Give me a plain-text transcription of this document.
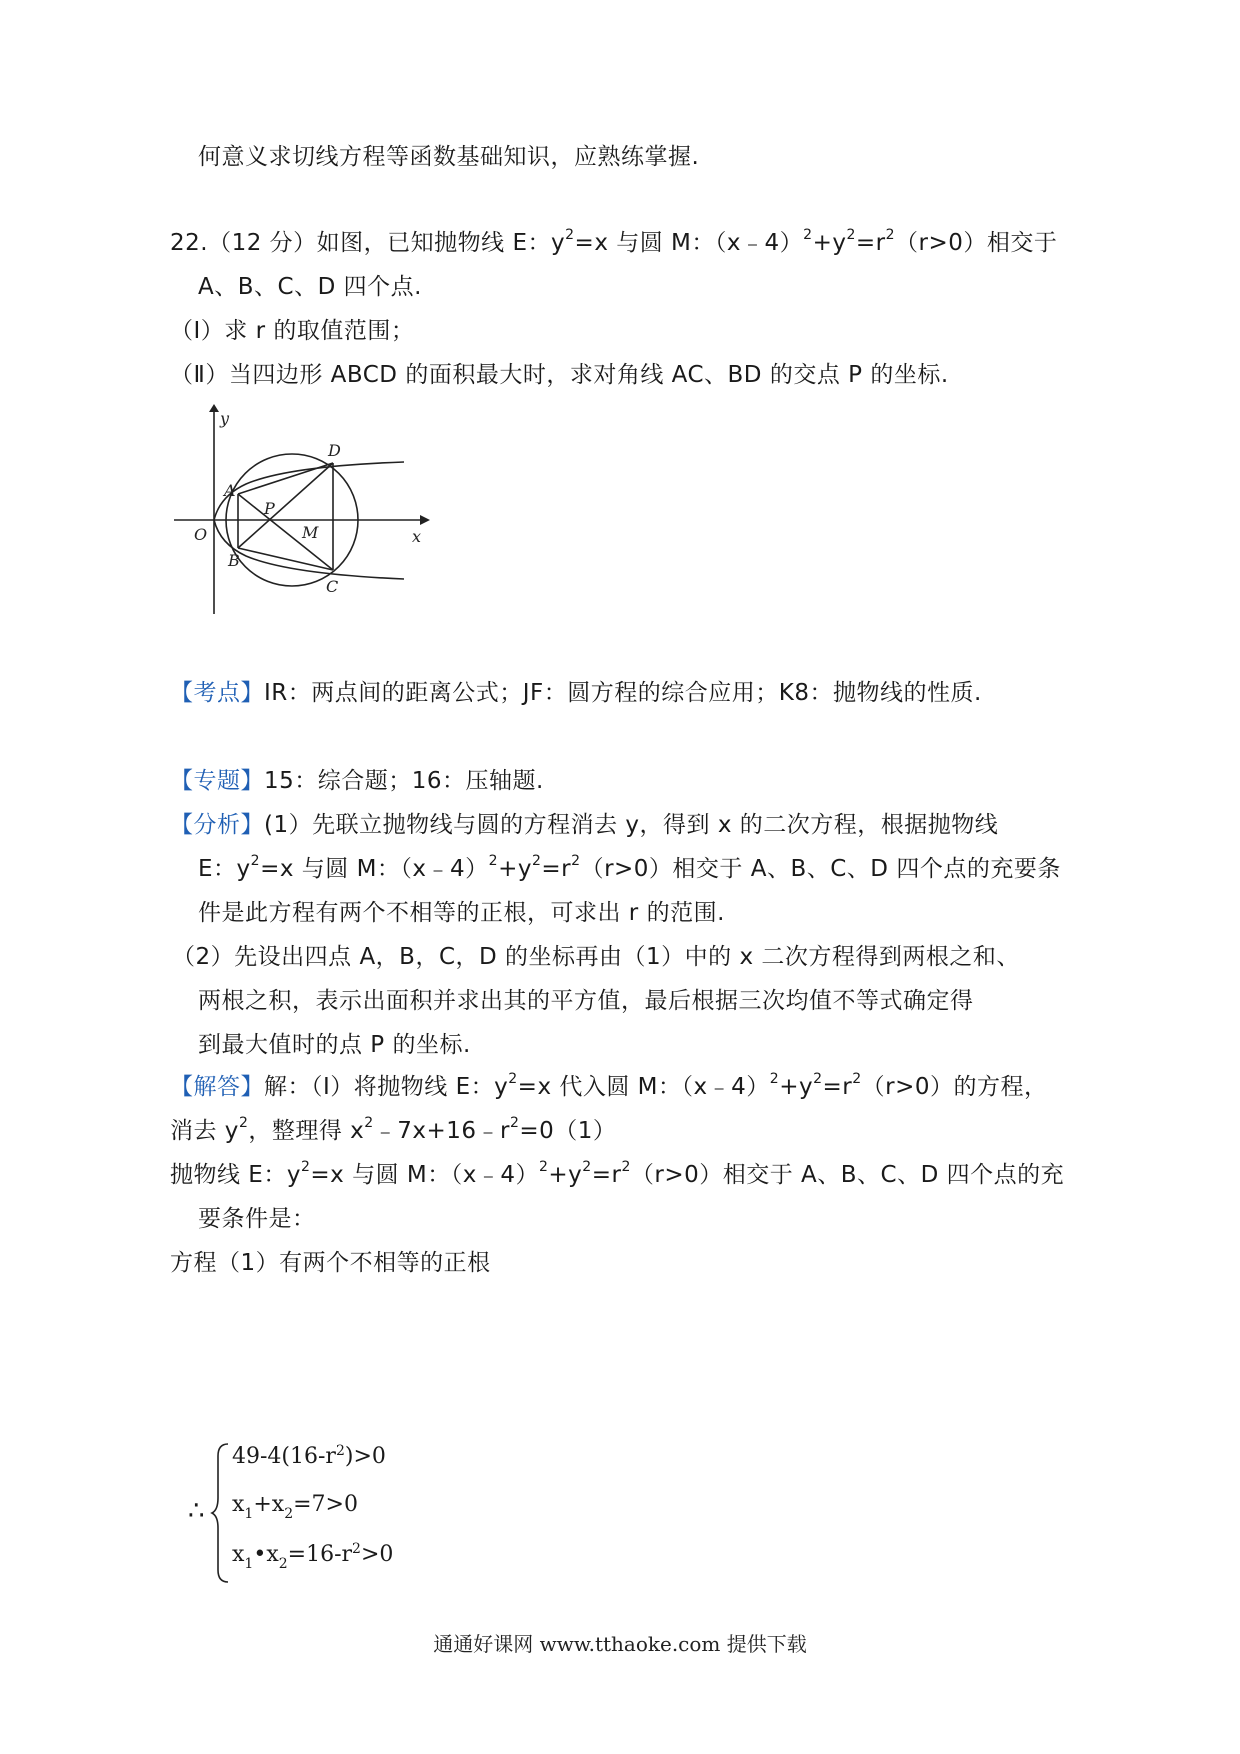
何意义求切线方程等函数基础知识，应熟练掌握.
22.（12 分）如图，已知抛物线 E：$y^2=x$ 与圆 M：$(x﹣4)^2+y^2=r^2(r>0)$相交于
A、B、C、D 四个点.
（Ⅰ）求 r 的取值范围；
（Ⅱ）当四边形 ABCD 的面积最大时，求对角线 AC、BD 的交点 P 的坐标.
y
D
A
P
O	M	x
B
C
【考点】IR：两点间的距离公式；JF：圆方程的综合应用；K8：抛物线的性质.
【专题】15：综合题；16：压轴题.
【分析】(1）先联立抛物线与圆的方程消去 y，得到 x 的二次方程，根据抛物线
E：$y^2=x$ 与圆 M：$(x﹣4)^2+y^2=r^2(r>0)$相交于 A、B、C、D 四个点的充要条
件是此方程有两个不相等的正根，可求出 r 的范围.
（2）先设出四点 A，B，C，D 的坐标再由（1）中的 x 二次方程得到两根之和、
两根之积，表示出面积并求出其的平方值，最后根据三次均值不等式确定得
到最大值时的点 P 的坐标.
【解答】解：（Ⅰ）将抛物线 E：$y^2=x$ 代入圆 M：$(x﹣4)^2+y^2=r^2(r>0)$的方程，
消去 $y^2$，整理得 $x^2﹣7x+16﹣r^2=0(1)$
抛物线 E：$y^2=x$ 与圆 M：$(x﹣4)^2+y^2=r^2(r>0)$相交于 A、B、C、D 四个点的充
要条件是：
方程（1）有两个不相等的正根
∴
$49-4(16-r^2)>0$
$x_1+x_2=7>0$
$x_1•x_2=16-r^2>0$
通通好课网 www.tthaoke.com 提供下载
